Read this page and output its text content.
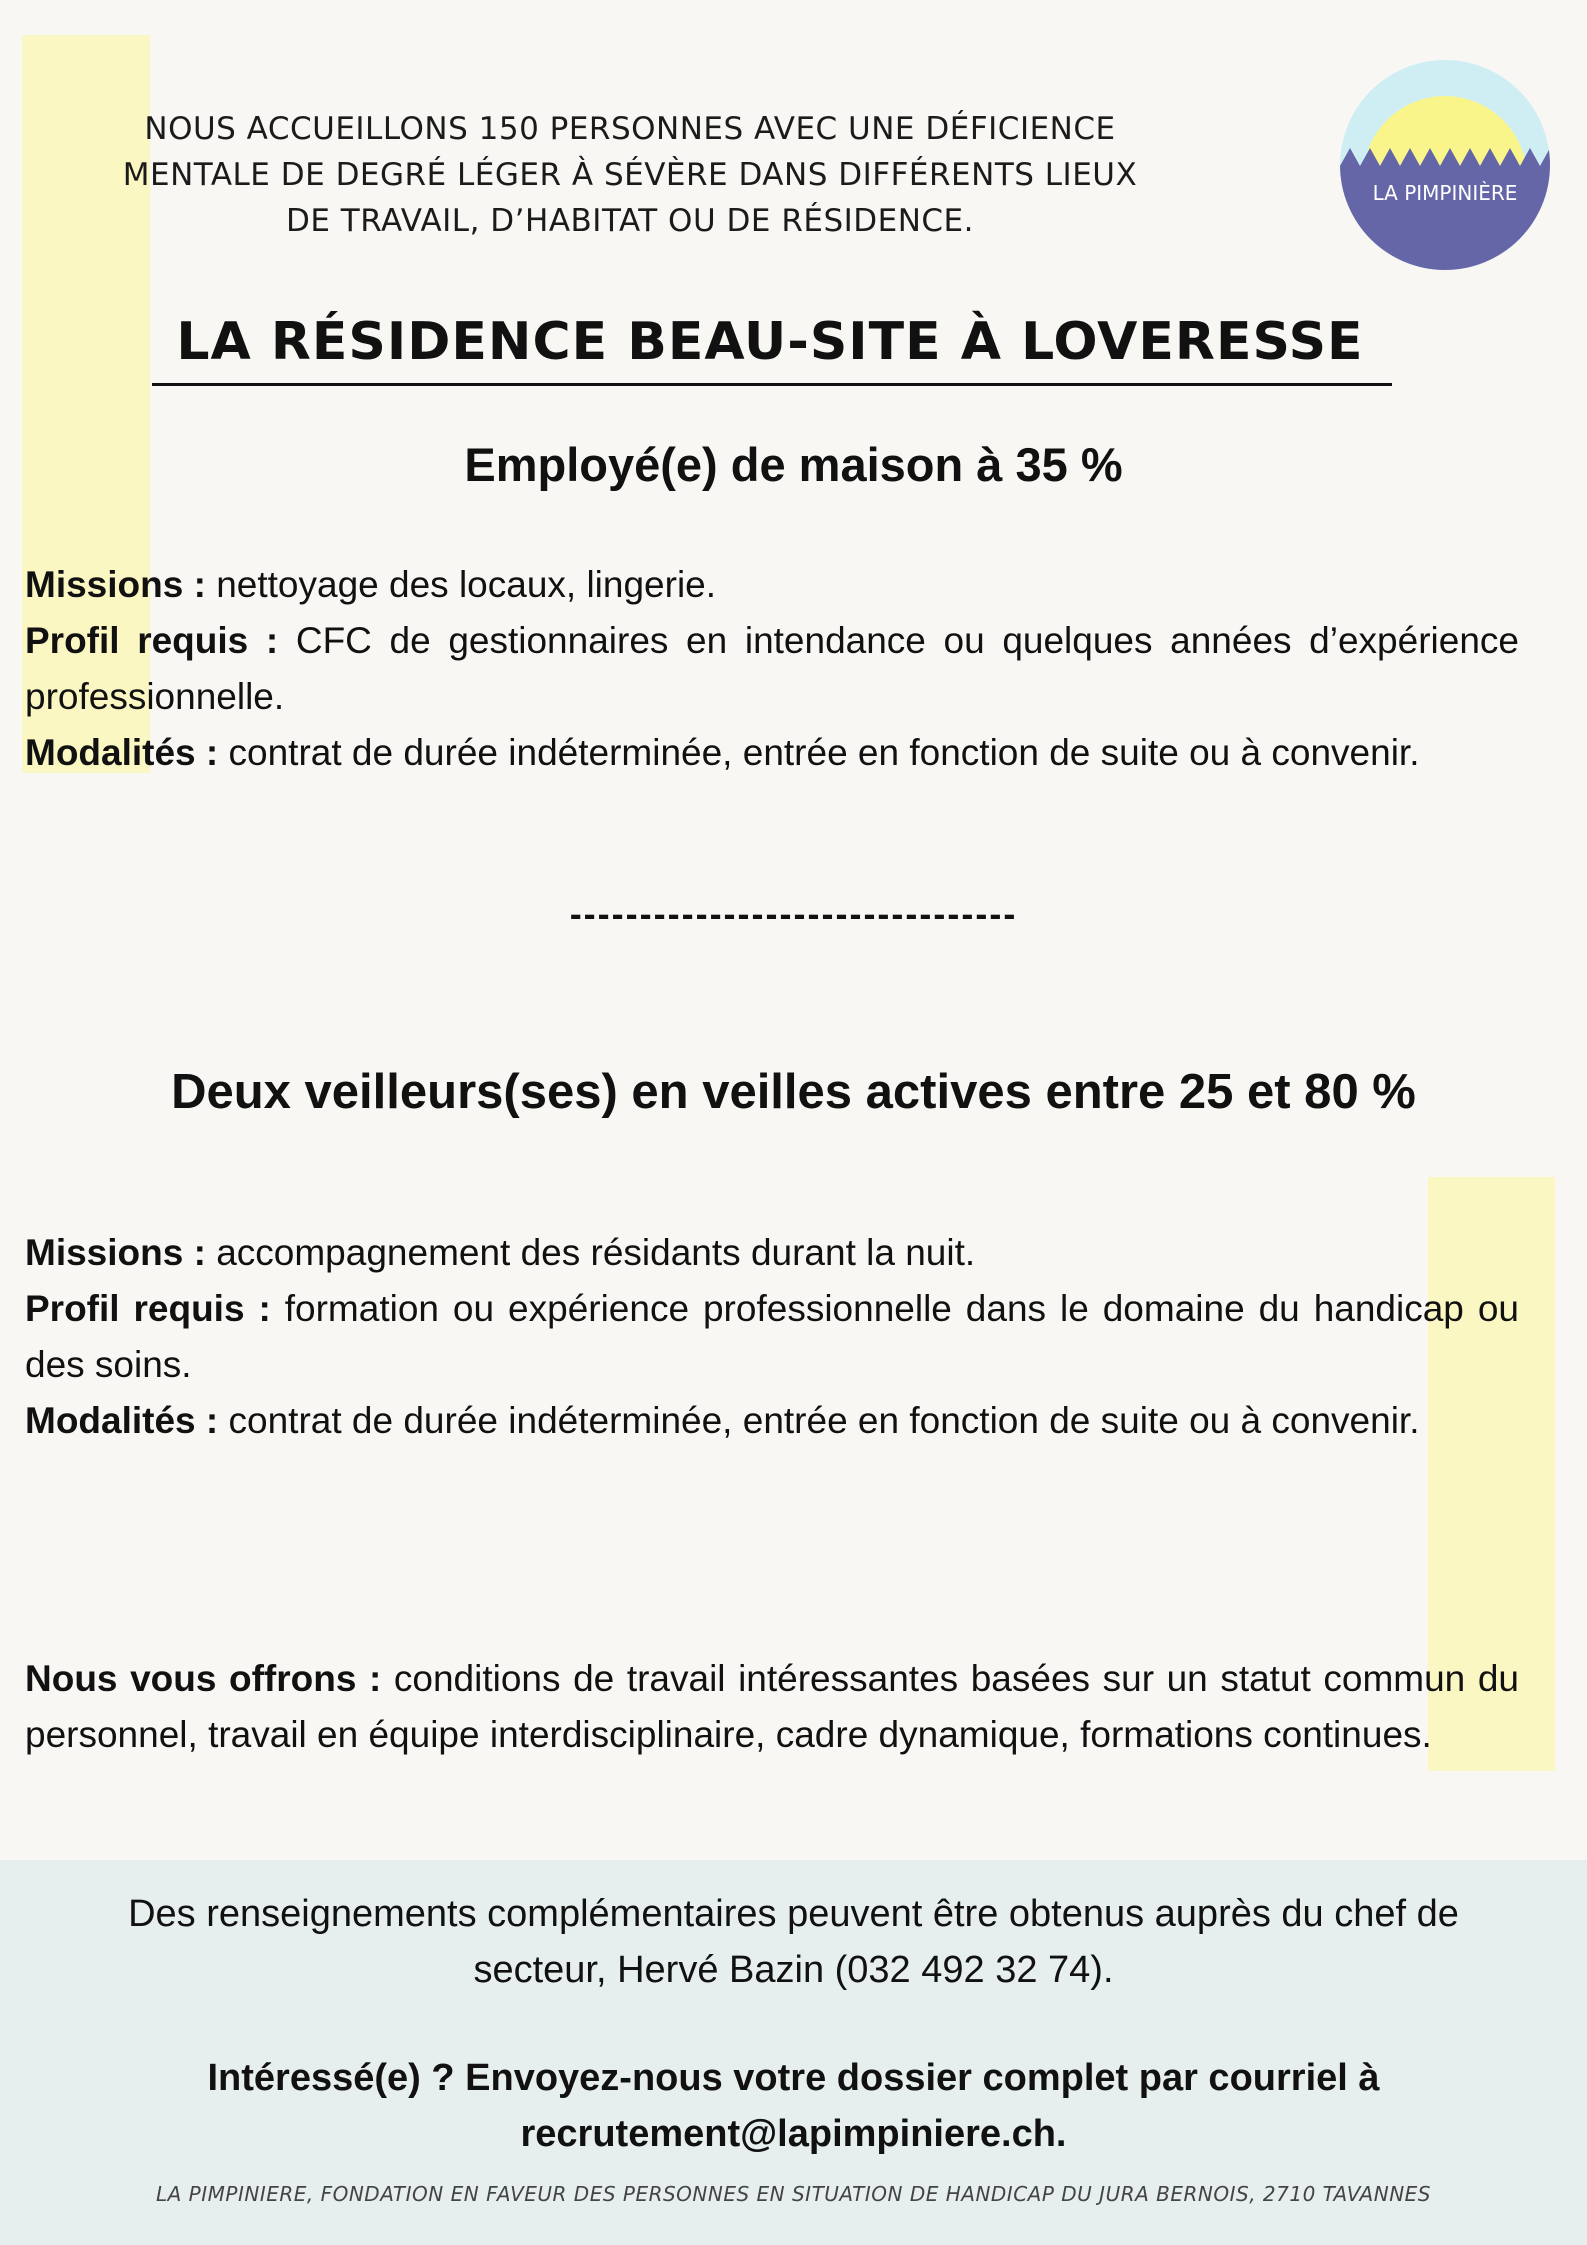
NOUS ACCUEILLONS 150 PERSONNES AVEC UNE DÉFICIENCE
MENTALE DE DEGRÉ LÉGER À SÉVÈRE DANS DIFFÉRENTS LIEUX
DE TRAVAIL, D’HABITAT OU DE RÉSIDENCE.
LA PIMPINIÈRE
LA RÉSIDENCE BEAU-SITE À LOVERESSE
Employé(e) de maison à 35 %

Missions : nettoyage des locaux, lingerie.

Profil requis : CFC de gestionnaires en intendance ou quelques années d’expérience professionnelle.

Modalités : contrat de durée indéterminée, entrée en fonction de suite ou à convenir.

--------------------------------
Deux veilleurs(ses) en veilles actives entre 25 et 80 %

Missions : accompagnement des résidants durant la nuit.

Profil requis : formation ou expérience professionnelle dans le domaine du handicap ou des soins.

Modalités : contrat de durée indéterminée, entrée en fonction de suite ou à convenir.

Nous vous offrons : conditions de travail intéressantes basées sur un statut commun du personnel, travail en équipe interdisciplinaire, cadre dynamique, formations continues.

Des renseignements complémentaires peuvent être obtenus auprès du chef de
secteur, Hervé Bazin (032 492 32 74).
Intéressé(e) ? Envoyez-nous votre dossier complet par courriel à
recrutement@lapimpiniere.ch.
LA PIMPINIERE, FONDATION EN FAVEUR DES PERSONNES EN SITUATION DE HANDICAP DU JURA BERNOIS, 2710 TAVANNES
